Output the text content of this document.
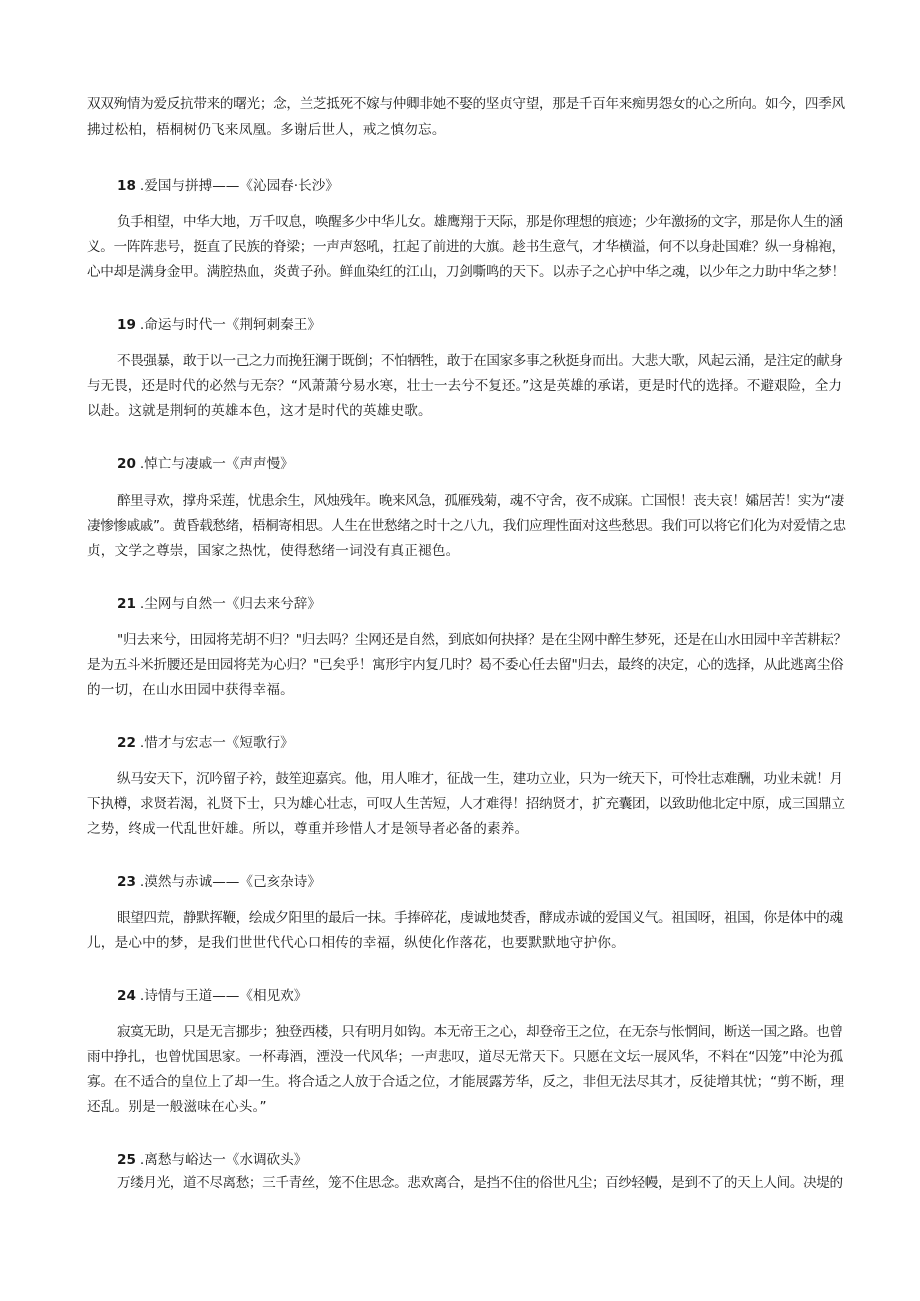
双双殉情为爱反抗带来的曙光；念，兰芝抵死不嫁与仲卿非她不娶的坚贞守望，那是千百年来痴男怨女的心之所向。如今，四季风
拂过松柏，梧桐树仍飞来凤凰。多谢后世人，戒之慎勿忘。
18 .爱国与拼搏——《沁园春·长沙》
负手相望，中华大地，万千叹息，唤醒多少中华儿女。雄鹰翔于天际，那是你理想的痕迹；少年激扬的文字，那是你人生的涵
义。一阵阵悲号，挺直了民族的脊梁；一声声怒吼，扛起了前进的大旗。趁书生意气，才华横溢，何不以身赴国难？纵一身棉袍，
心中却是满身金甲。满腔热血，炎黄子孙。鲜血染红的江山，刀剑嘶鸣的天下。以赤子之心护中华之魂，以少年之力助中华之梦！
19 .命运与时代一《荆轲刺秦王》
不畏强暴，敢于以一己之力而挽狂澜于既倒；不怕牺牲，敢于在国家多事之秋挺身而出。大悲大歌，风起云涌，是注定的献身
与无畏，还是时代的必然与无奈？“风萧萧兮易水寒，壮士一去兮不复还。”这是英雄的承诺，更是时代的选择。不避艰险，全力
以赴。这就是荆轲的英雄本色，这才是时代的英雄史歌。
20 .悼亡与凄戚一《声声慢》
醉里寻欢，撑舟采莲，忧患余生，风烛残年。晚来风急，孤雁残菊，魂不守舍，夜不成寐。亡国恨！丧夫哀！孀居苦！实为“凄
凄惨惨戚戚”。黄昏载愁绪，梧桐寄相思。人生在世愁绪之时十之八九，我们应理性面对这些愁思。我们可以将它们化为对爱情之忠
贞，文学之尊崇，国家之热忱，使得愁绪一词没有真正褪色。
21 .尘网与自然一《归去来兮辞》
"归去来兮，田园将芜胡不归？"归去吗？尘网还是自然，到底如何抉择？是在尘网中醉生梦死，还是在山水田园中辛苦耕耘？
是为五斗米折腰还是田园将芜为心归？"已矣乎！寓形宇内复几时？曷不委心任去留"归去，最终的决定，心的选择，从此逃离尘俗
的一切，在山水田园中获得幸福。
22 .惜才与宏志一《短歌行》
纵马安天下，沉吟留子衿，鼓笙迎嘉宾。他，用人唯才，征战一生，建功立业，只为一统天下，可怜壮志难酬，功业未就！月
下执樽，求贤若渴，礼贤下士，只为雄心壮志，可叹人生苦短，人才难得！招纳贤才，扩充囊团，以致助他北定中原，成三国鼎立
之势，终成一代乱世奸雄。所以，尊重并珍惜人才是领导者必备的素养。
23 .漠然与赤诚——《己亥杂诗》
眼望四荒，静默挥鞭，绘成夕阳里的最后一抹。手捧碎花，虔诚地焚香，酵成赤诚的爱国义气。祖国呀，祖国，你是体中的魂
儿，是心中的梦，是我们世世代代心口相传的幸福，纵使化作落花，也要默默地守护你。
24 .诗情与王道——《相见欢》
寂寞无助，只是无言挪步；独登西楼，只有明月如钩。本无帝王之心，却登帝王之位，在无奈与怅惘间，断送一国之路。也曾
雨中挣扎，也曾忧国思家。一杯毒酒，湮没一代风华；一声悲叹，道尽无常天下。只愿在文坛一展风华，不料在“囚笼”中沦为孤
寡。在不适合的皇位上了却一生。将合适之人放于合适之位，才能展露芳华，反之，非但无法尽其才，反徒增其忧；“剪不断，理
还乱。别是一般滋味在心头。”
25 .离愁与峪达一《水调砍头》
万缕月光，道不尽离愁；三千青丝，笼不住思念。悲欢离合，是挡不住的俗世凡尘；百纱轻幔，是到不了的天上人间。决堤的
